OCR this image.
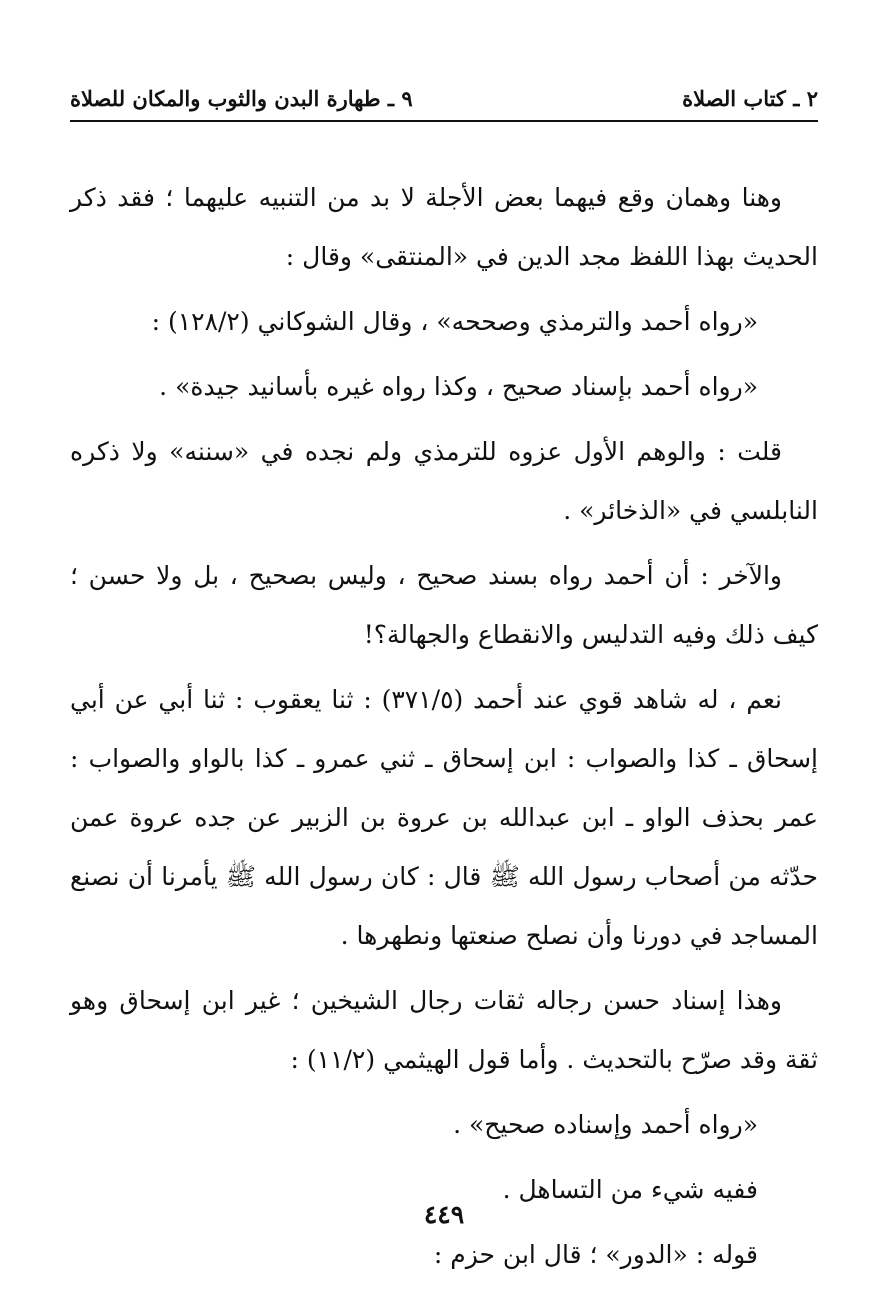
٢ ـ كتاب الصلاة
٩ ـ طهارة البدن والثوب والمكان للصلاة

وهنا وهمان وقع فيهما بعض الأجلة لا بد من التنبيه عليهما ؛ فقد ذكر الحديث بهذا اللفظ مجد الدين في «المنتقى» وقال :

«رواه أحمد والترمذي وصححه» ، وقال الشوكاني (١٢٨/٢) :

«رواه أحمد بإسناد صحيح ، وكذا رواه غيره بأسانيد جيدة» .

قلت : والوهم الأول عزوه للترمذي ولم نجده في «سننه» ولا ذكره النابلسي في «الذخائر» .

والآخر : أن أحمد رواه بسند صحيح ، وليس بصحيح ، بل ولا حسن ؛ كيف ذلك وفيه التدليس والانقطاع والجهالة؟!

نعم ، له شاهد قوي عند أحمد (٣٧١/٥) : ثنا يعقوب : ثنا أبي عن أبي إسحاق ـ كذا والصواب : ابن إسحاق ـ ثني عمرو ـ كذا بالواو والصواب : عمر بحذف الواو ـ ابن عبدالله بن عروة بن الزبير عن جده عروة عمن حدّثه من أصحاب رسول الله ﷺ قال : كان رسول الله ﷺ يأمرنا أن نصنع المساجد في دورنا وأن نصلح صنعتها ونطهرها .

وهذا إسناد حسن رجاله ثقات رجال الشيخين ؛ غير ابن إسحاق وهو ثقة وقد صرّح بالتحديث . وأما قول الهيثمي (١١/٢) :

«رواه أحمد وإسناده صحيح» .

ففيه شيء من التساهل .

قوله : «الدور» ؛ قال ابن حزم :

٤٤٩
